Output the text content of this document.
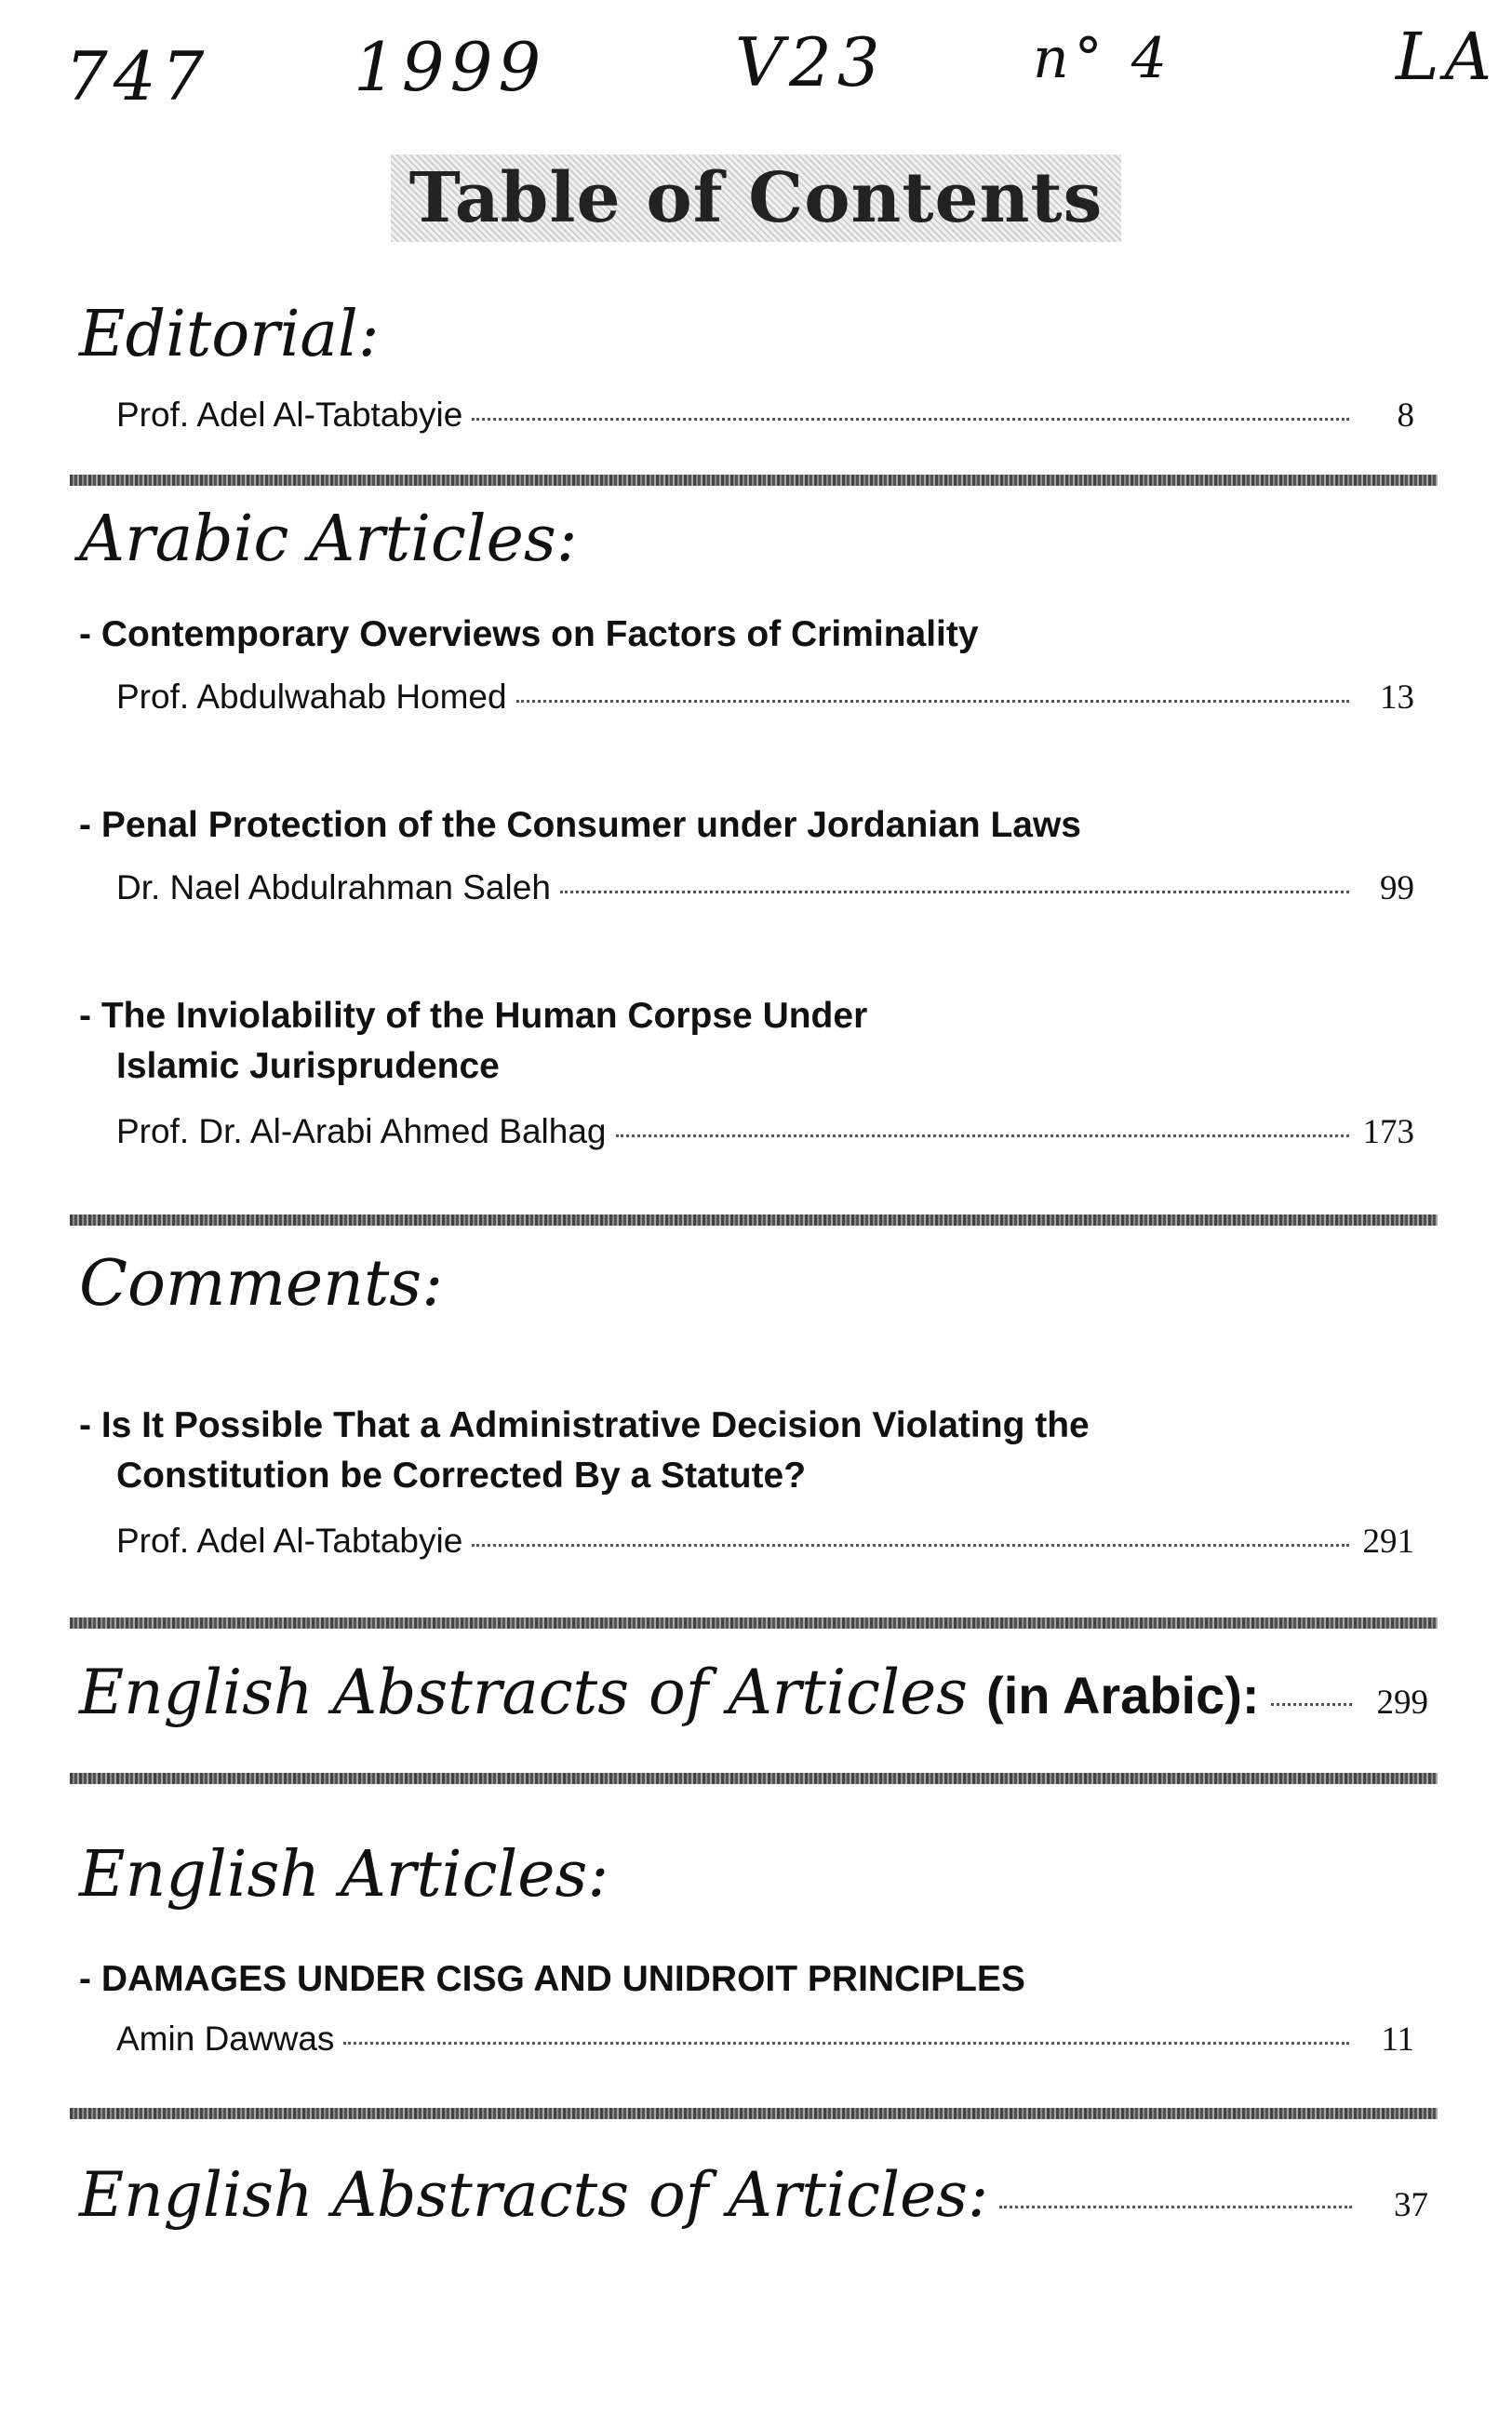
747 1999	V23	n° 4	LA
Table of Contents
Editorial:
Prof. Adel Al-Tabtabyie	8
Arabic Articles:
- Contemporary Overviews on Factors of Criminality
Prof. Abdulwahab Homed	13
- Penal Protection of the Consumer under Jordanian Laws
Dr. Nael Abdulrahman Saleh	99
- The Inviolability of the Human Corpse Under
Islamic Jurisprudence
Prof. Dr. Al-Arabi Ahmed Balhag	173
Comments:
- Is It Possible That a Administrative Decision Violating the
Constitution be Corrected By a Statute?
Prof. Adel Al-Tabtabyie	291
English Abstracts of Articles (in Arabic):	299
English Articles:
- DAMAGES UNDER CISG AND UNIDROIT PRINCIPLES
Amin Dawwas	11
English Abstracts of Articles:	37
